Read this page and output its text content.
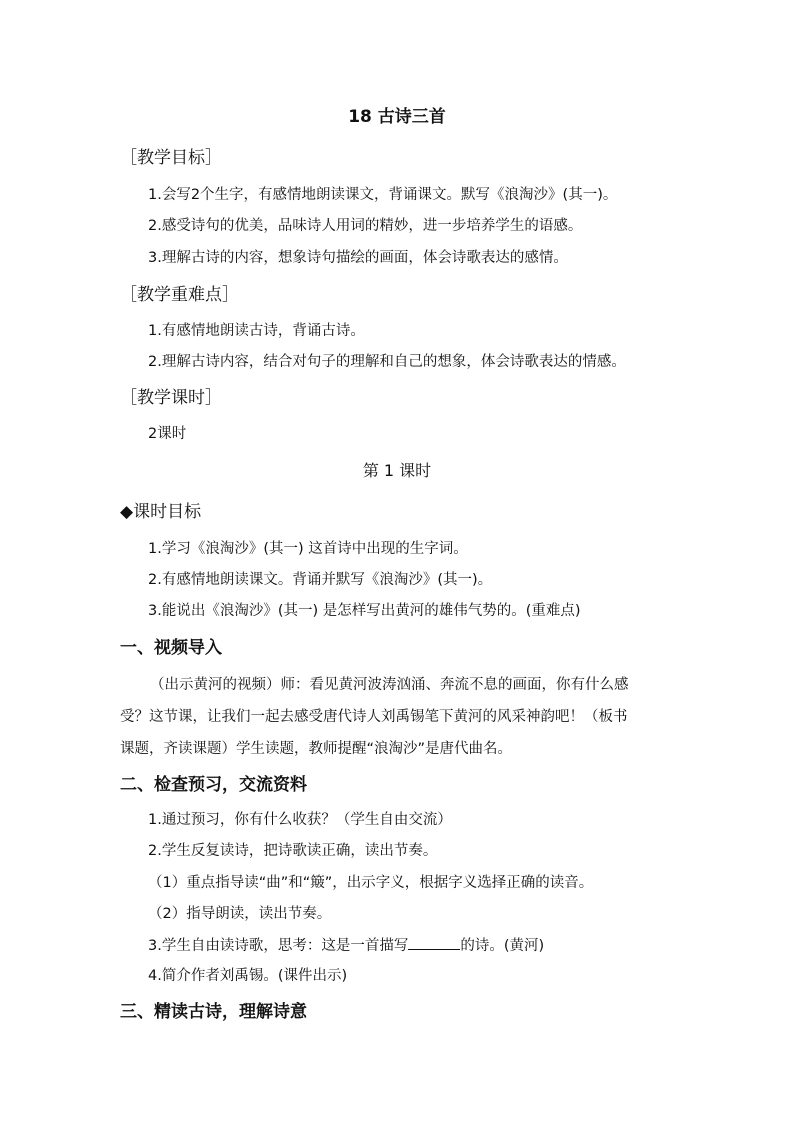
18 古诗三首
［教学目标］
1.会写2个生字，有感情地朗读课文，背诵课文。默写《浪淘沙》(其一)。
2.感受诗句的优美，品味诗人用词的精妙，进一步培养学生的语感。
3.理解古诗的内容，想象诗句描绘的画面，体会诗歌表达的感情。
［教学重难点］
1.有感情地朗读古诗，背诵古诗。
2.理解古诗内容，结合对句子的理解和自己的想象，体会诗歌表达的情感。
［教学课时］
2课时
第 1 课时
◆课时目标
1.学习《浪淘沙》(其一) 这首诗中出现的生字词。
2.有感情地朗读课文。背诵并默写《浪淘沙》(其一)。
3.能说出《浪淘沙》(其一) 是怎样写出黄河的雄伟气势的。(重难点)
一、视频导入
（出示黄河的视频）师：看见黄河波涛汹涌、奔流不息的画面，你有什么感
受？这节课，让我们一起去感受唐代诗人刘禹锡笔下黄河的风采神韵吧！（板书
课题，齐读课题）学生读题，教师提醒“浪淘沙”是唐代曲名。
二、检查预习，交流资料
1.通过预习，你有什么收获？（学生自由交流）
2.学生反复读诗，把诗歌读正确，读出节奏。
（1）重点指导读“曲”和“簸”，出示字义，根据字义选择正确的读音。
（2）指导朗读，读出节奏。
3.学生自由读诗歌，思考：这是一首描写	的诗。(黄河)
4.简介作者刘禹锡。(课件出示)
三、精读古诗，理解诗意
